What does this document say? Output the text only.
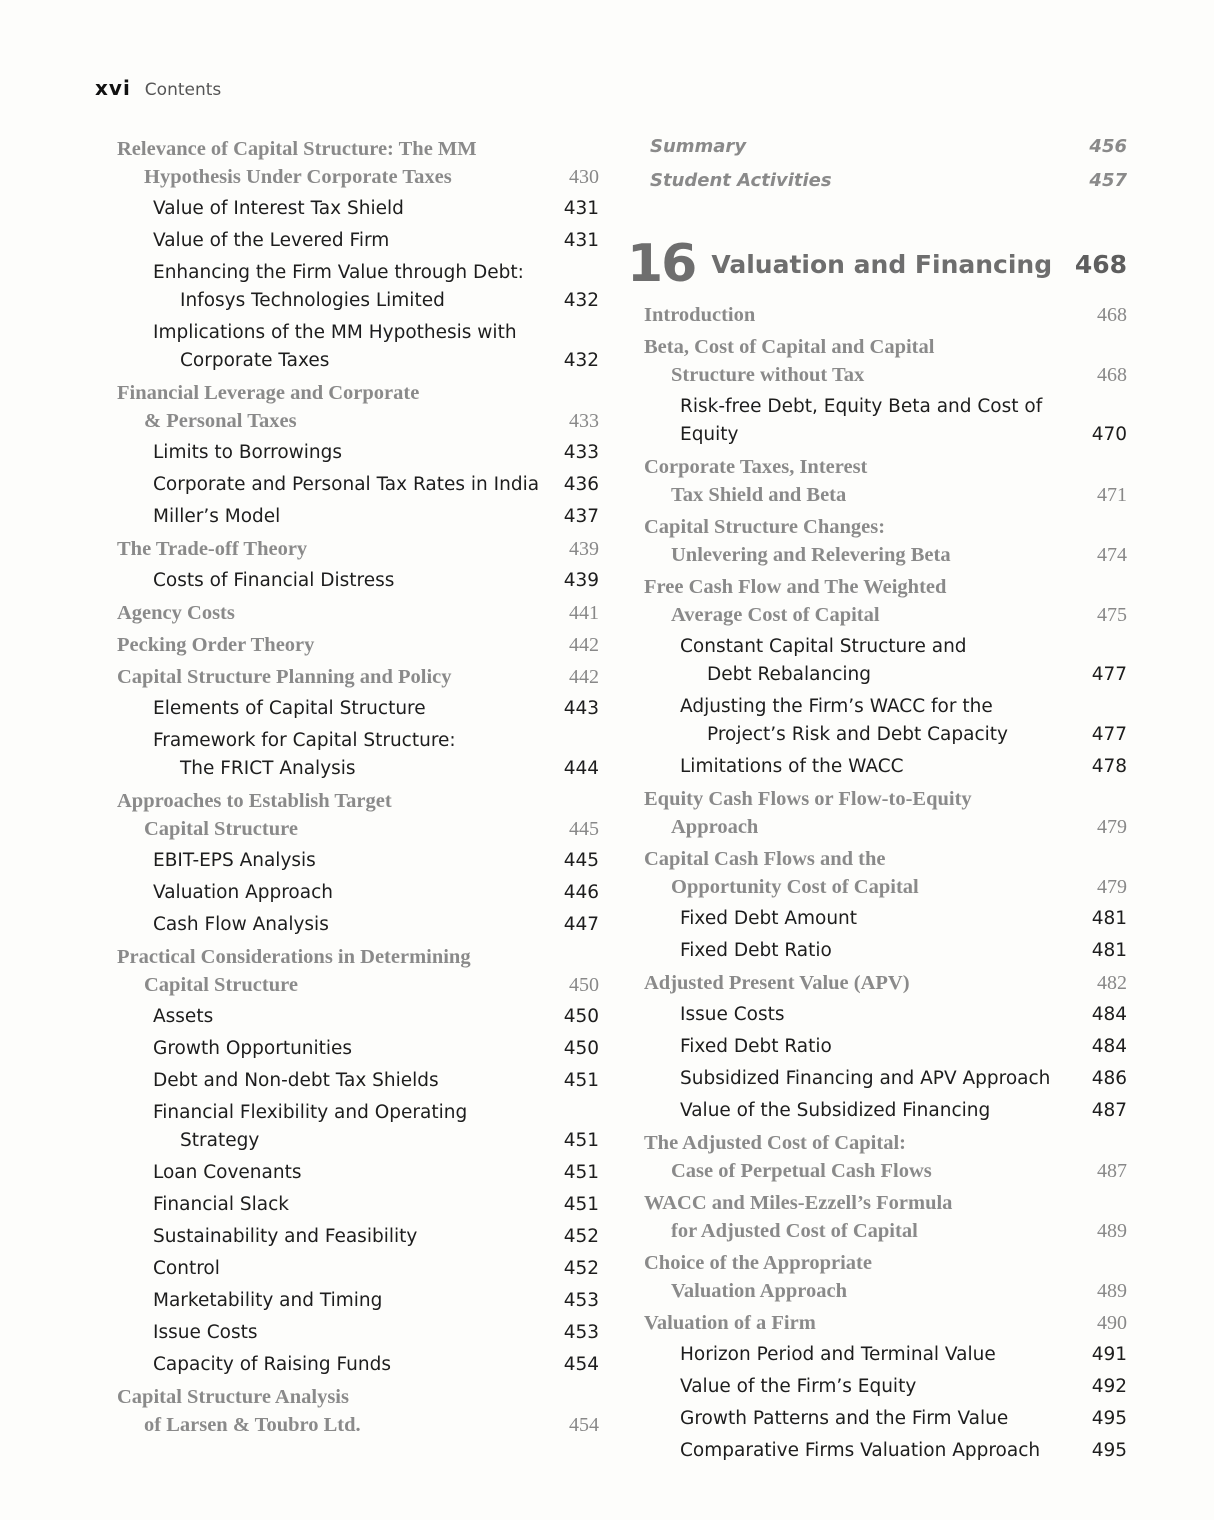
xvi Contents
Relevance of Capital Structure: The MM
Hypothesis Under Corporate Taxes	430
Value of Interest Tax Shield	431
Value of the Levered Firm	431
Enhancing the Firm Value through Debt:
Infosys Technologies Limited	432
Implications of the MM Hypothesis with
Corporate Taxes	432
Financial Leverage and Corporate
& Personal Taxes	433
Limits to Borrowings	433
Corporate and Personal Tax Rates in India	436
Miller’s Model	437
The Trade-off Theory	439
Costs of Financial Distress	439
Agency Costs	441
Pecking Order Theory	442
Capital Structure Planning and Policy	442
Elements of Capital Structure	443
Framework for Capital Structure:
The FRICT Analysis	444
Approaches to Establish Target
Capital Structure	445
EBIT-EPS Analysis	445
Valuation Approach	446
Cash Flow Analysis	447
Practical Considerations in Determining
Capital Structure	450
Assets	450
Growth Opportunities	450
Debt and Non-debt Tax Shields	451
Financial Flexibility and Operating
Strategy	451
Loan Covenants	451
Financial Slack	451
Sustainability and Feasibility	452
Control	452
Marketability and Timing	453
Issue Costs	453
Capacity of Raising Funds	454
Capital Structure Analysis
of Larsen & Toubro Ltd.	454
Summary	456
Student Activities	457
16 Valuation and Financing 468
Introduction	468
Beta, Cost of Capital and Capital
Structure without Tax	468
Risk-free Debt, Equity Beta and Cost of Equity	470
Corporate Taxes, Interest
Tax Shield and Beta	471
Capital Structure Changes:
Unlevering and Relevering Beta	474
Free Cash Flow and The Weighted
Average Cost of Capital	475
Constant Capital Structure and
Debt Rebalancing	477
Adjusting the Firm’s WACC for the
Project’s Risk and Debt Capacity	477
Limitations of the WACC	478
Equity Cash Flows or Flow-to-Equity
Approach	479
Capital Cash Flows and the
Opportunity Cost of Capital	479
Fixed Debt Amount	481
Fixed Debt Ratio	481
Adjusted Present Value (APV)	482
Issue Costs	484
Fixed Debt Ratio	484
Subsidized Financing and APV Approach	486
Value of the Subsidized Financing	487
The Adjusted Cost of Capital:
Case of Perpetual Cash Flows	487
WACC and Miles-Ezzell’s Formula
for Adjusted Cost of Capital	489
Choice of the Appropriate
Valuation Approach	489
Valuation of a Firm	490
Horizon Period and Terminal Value	491
Value of the Firm’s Equity	492
Growth Patterns and the Firm Value	495
Comparative Firms Valuation Approach	495
